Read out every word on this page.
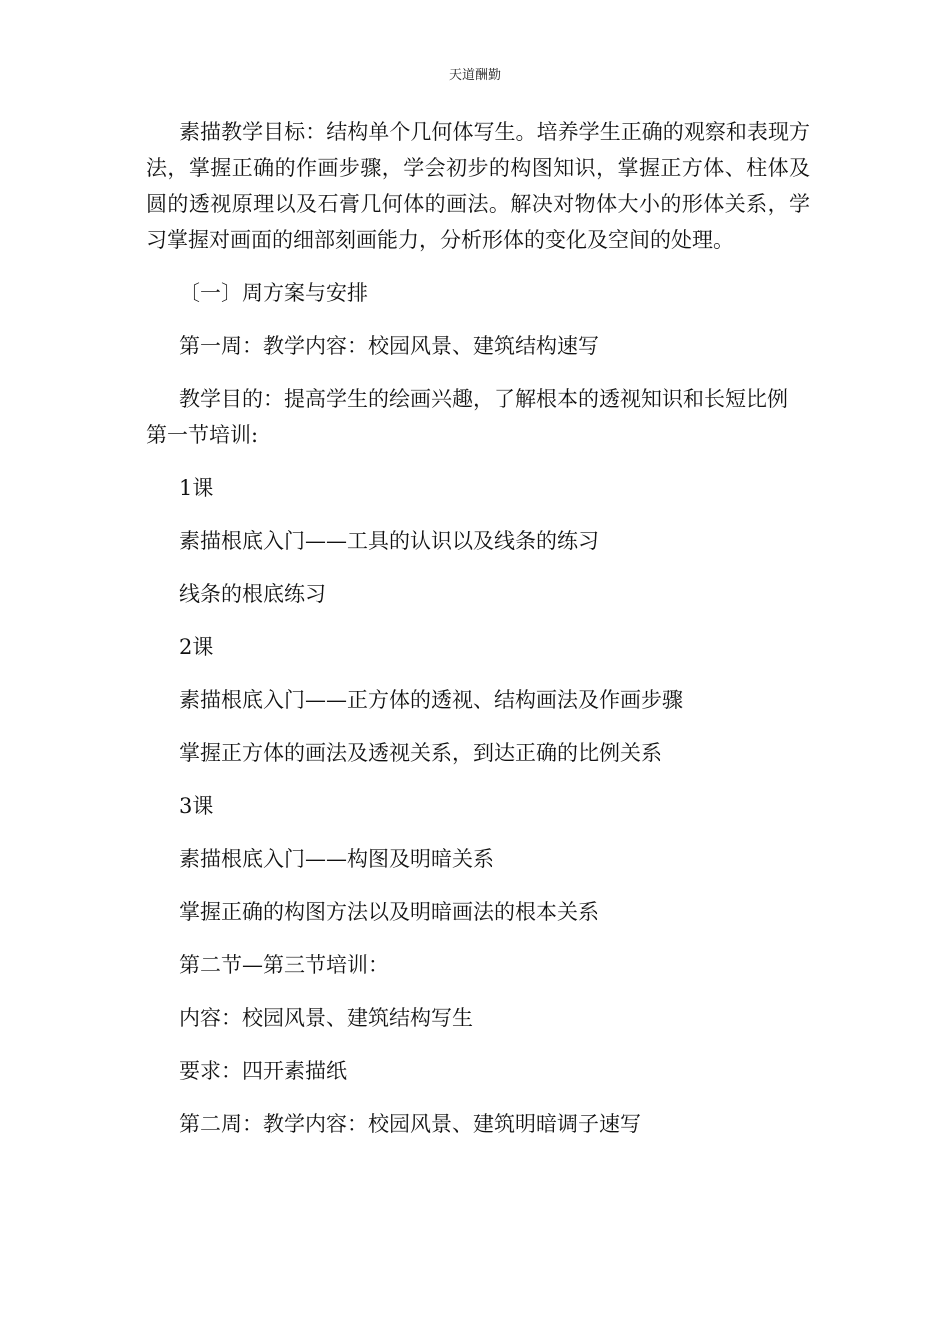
天道酬勤

素描教学目标：结构单个几何体写生。培养学生正确的观察和表现方法，掌握正确的作画步骤，学会初步的构图知识，掌握正方体、柱体及圆的透视原理以及石膏几何体的画法。解决对物体大小的形体关系，学习掌握对画面的细部刻画能力，分析形体的变化及空间的处理。

〔一〕周方案与安排

第一周：教学内容：校园风景、建筑结构速写

教学目的：提高学生的绘画兴趣，了解根本的透视知识和长短比例

第一节培训:

1课

素描根底入门——工具的认识以及线条的练习

线条的根底练习

2课

素描根底入门——正方体的透视、结构画法及作画步骤

掌握正方体的画法及透视关系，到达正确的比例关系

3课

素描根底入门——构图及明暗关系

掌握正确的构图方法以及明暗画法的根本关系

第二节—第三节培训：

内容：校园风景、建筑结构写生

要求：四开素描纸

第二周：教学内容：校园风景、建筑明暗调子速写
